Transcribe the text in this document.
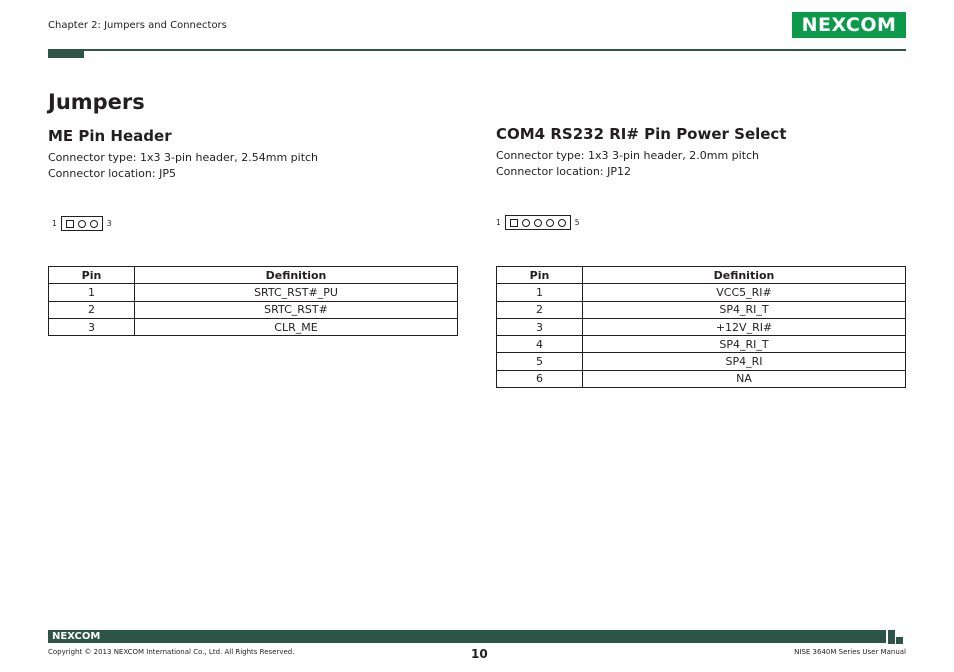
Chapter 2: Jumpers and Connectors	NEXCOM
Jumpers
ME Pin Header
Connector type: 1x3 3-pin header, 2.54mm pitch
Connector location: JP5
1	3
Pin	Definition
1	SRTC_RST#_PU
2	SRTC_RST#
3	CLR_ME
COM4 RS232 RI# Pin Power Select
Connector type: 1x3 3-pin header, 2.0mm pitch
Connector location: JP12
1	5
Pin	Definition
1	VCC5_RI#
2	SP4_RI_T
3	+12V_RI#
4	SP4_RI_T
5	SP4_RI
6	NA
NEXCOM
Copyright © 2013 NEXCOM International Co., Ltd. All Rights Reserved.	10	NISE 3640M Series User Manual
